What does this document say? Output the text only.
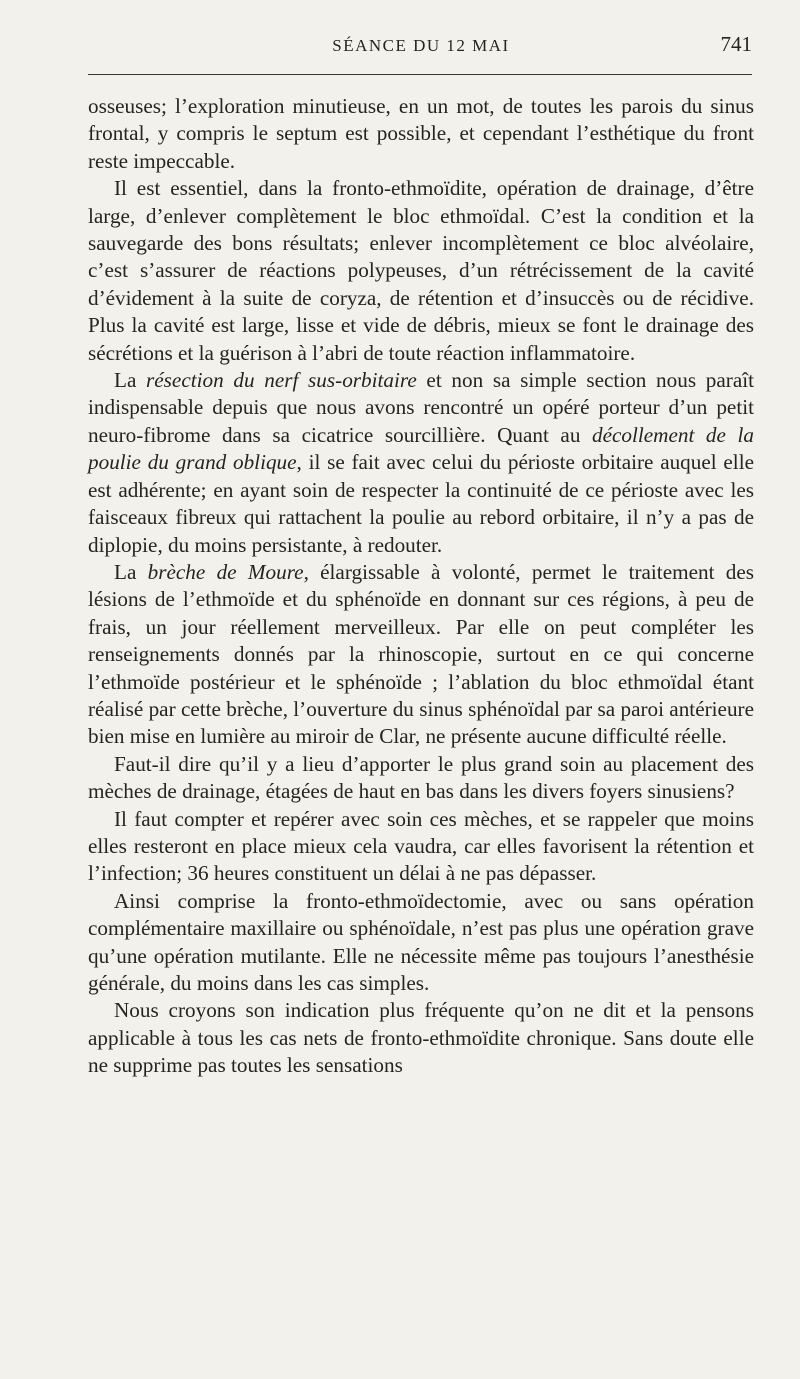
SÉANCE DU 12 MAI	741

osseuses; l’exploration minutieuse, en un mot, de toutes les parois du sinus frontal, y compris le septum est possible, et cependant l’esthétique du front reste impeccable.

Il est essentiel, dans la fronto-ethmoïdite, opération de drainage, d’être large, d’enlever complètement le bloc ethmoïdal. C’est la condition et la sauvegarde des bons résultats; enlever incomplètement ce bloc alvéolaire, c’est s’assurer de réactions polypeuses, d’un rétrécissement de la cavité d’évidement à la suite de coryza, de rétention et d’insuccès ou de récidive. Plus la cavité est large, lisse et vide de débris, mieux se font le drainage des sécrétions et la guérison à l’abri de toute réaction inflammatoire.

La résection du nerf sus-orbitaire et non sa simple section nous paraît indispensable depuis que nous avons rencontré un opéré porteur d’un petit neuro-fibrome dans sa cicatrice sourcillière. Quant au décollement de la poulie du grand oblique, il se fait avec celui du périoste orbitaire auquel elle est adhérente; en ayant soin de respecter la continuité de ce périoste avec les faisceaux fibreux qui rattachent la poulie au rebord orbitaire, il n’y a pas de diplopie, du moins persistante, à redouter.

La brèche de Moure, élargissable à volonté, permet le traitement des lésions de l’ethmoïde et du sphénoïde en donnant sur ces régions, à peu de frais, un jour réellement merveilleux. Par elle on peut compléter les renseignements donnés par la rhinoscopie, surtout en ce qui concerne l’ethmoïde postérieur et le sphénoïde ; l’ablation du bloc ethmoïdal étant réalisé par cette brèche, l’ouverture du sinus sphénoïdal par sa paroi antérieure bien mise en lumière au miroir de Clar, ne présente aucune difficulté réelle.

Faut-il dire qu’il y a lieu d’apporter le plus grand soin au placement des mèches de drainage, étagées de haut en bas dans les divers foyers sinusiens?

Il faut compter et repérer avec soin ces mèches, et se rappeler que moins elles resteront en place mieux cela vaudra, car elles favorisent la rétention et l’infection; 36 heures constituent un délai à ne pas dépasser.

Ainsi comprise la fronto-ethmoïdectomie, avec ou sans opération complémentaire maxillaire ou sphénoïdale, n’est pas plus une opération grave qu’une opération mutilante. Elle ne nécessite même pas toujours l’anesthésie générale, du moins dans les cas simples.

Nous croyons son indication plus fréquente qu’on ne dit et la pensons applicable à tous les cas nets de fronto-ethmoïdite chronique. Sans doute elle ne supprime pas toutes les sensations
